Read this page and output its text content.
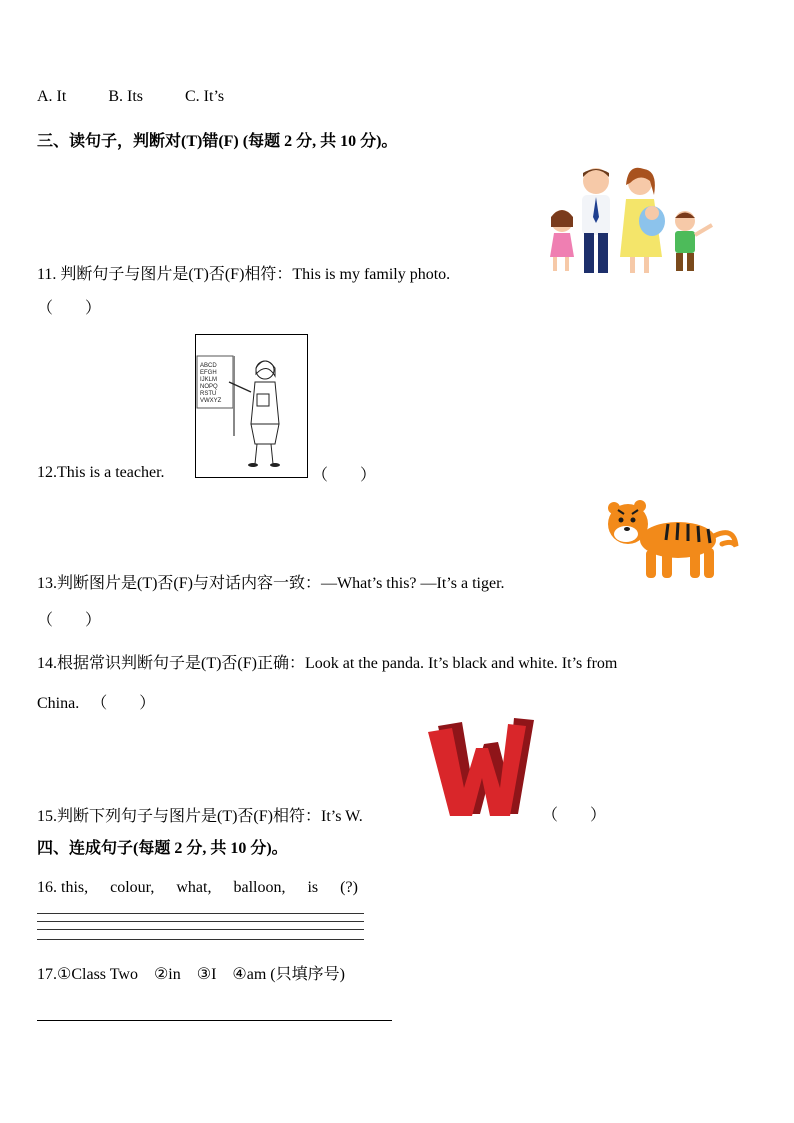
A. It	B. Its	C. It’s
三、读句子，判断对(T)错(F) (每题 2 分, 共 10 分)。
11. 判断句子与图片是(T)否(F)相符：This is my family photo.
（　　）
ABCD
EFGH
IJKLM
NOPQ
RSTU
VWXYZ
12.This is a teacher.	（　　）
13.判断图片是(T)否(F)与对话内容一致：—What’s this? —It’s a tiger.
（　　）
14.根据常识判断句子是(T)否(F)正确：Look at the panda. It’s black and white. It’s from
China. （　　）
15.判断下列句子与图片是(T)否(F)相符：It’s W.	（　　）
四、连成句子(每题 2 分, 共 10 分)。
16. this, colour, what, balloon, is (?)
17.①Class Two　②in　③I　④am (只填序号)
